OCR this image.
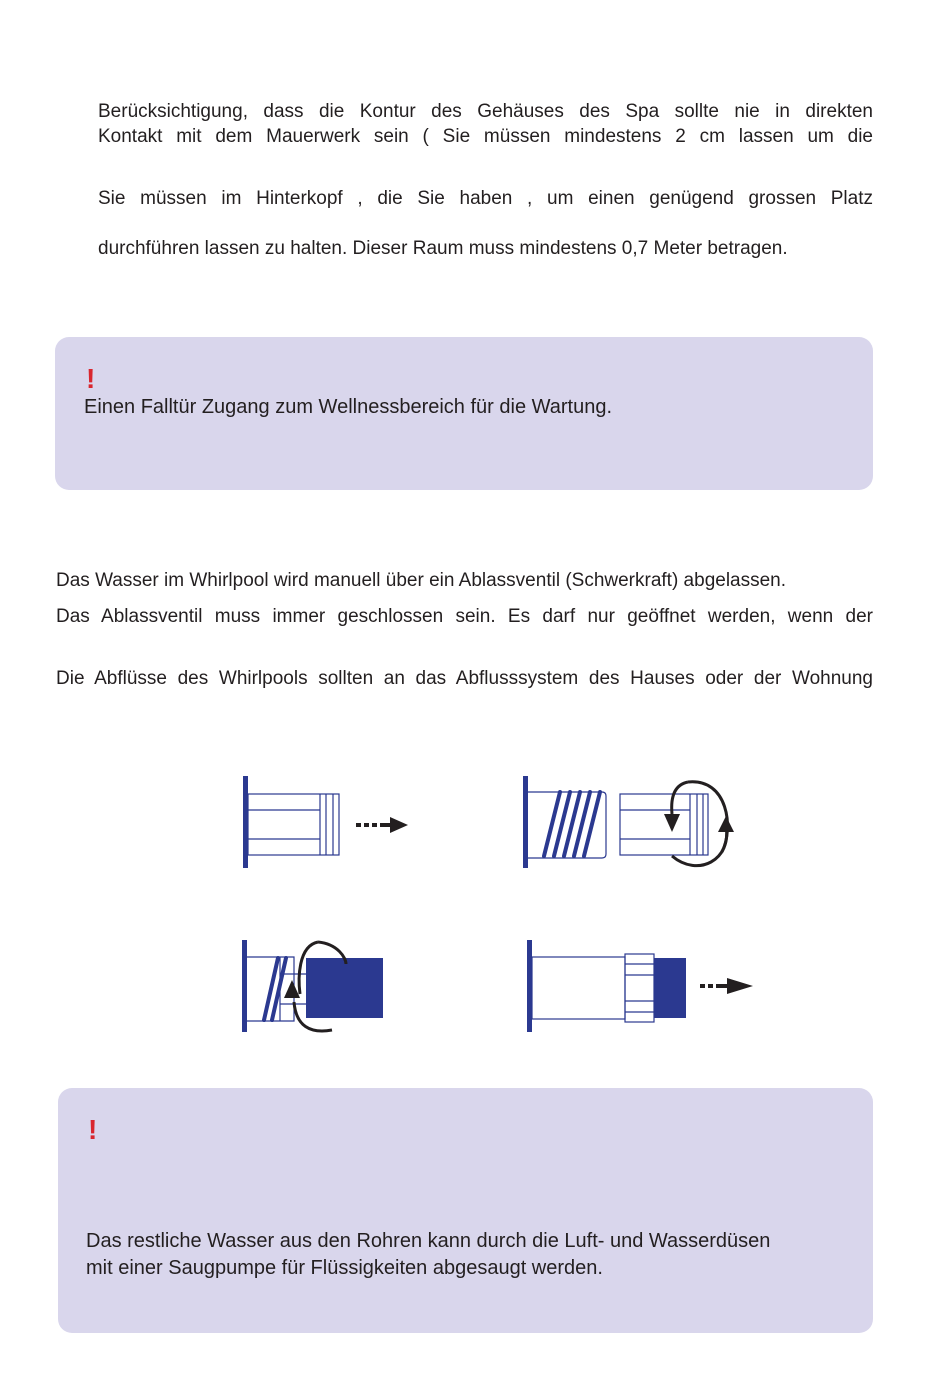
Berücksichtigung, dass die Kontur des Gehäuses des Spa sollte nie in direkten

Kontakt mit dem Mauerwerk sein ( Sie müssen mindestens 2 cm lassen um die

Sie müssen im Hinterkopf , die Sie haben , um einen genügend grossen Platz

durchführen lassen zu halten. Dieser Raum muss mindestens 0,7 Meter betragen.

!

Einen Falltür Zugang zum Wellnessbereich für die Wartung.

Das Wasser im Whirlpool wird manuell über ein Ablassventil (Schwerkraft) abgelassen.

Das Ablassventil muss immer geschlossen sein. Es darf nur geöffnet werden, wenn der

Die Abflüsse des Whirlpools sollten an das Abflusssystem des Hauses oder der Wohnung

!

Das restliche Wasser aus den Rohren kann durch die Luft- und Wasserdüsen

mit einer Saugpumpe für Flüssigkeiten abgesaugt werden.
